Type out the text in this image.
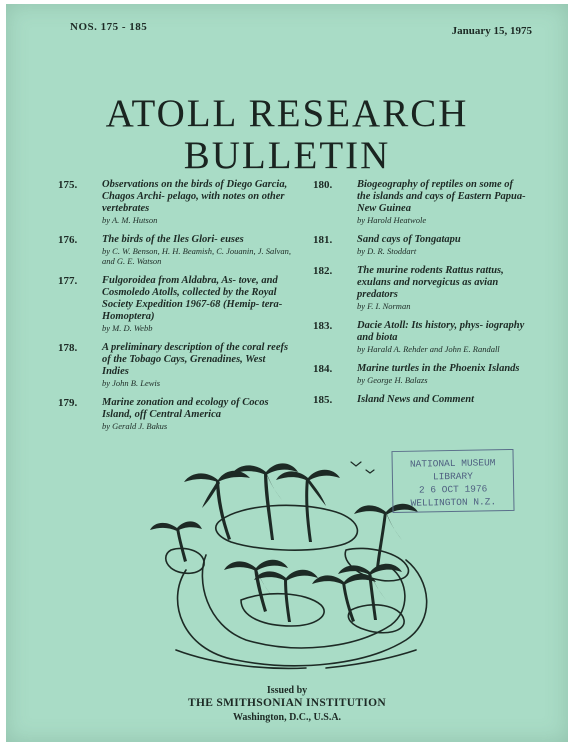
NOS. 175 - 185	January 15, 1975
ATOLL RESEARCH
BULLETIN
175. Observations on the birds of Diego Garcia, Chagos Archi- pelago, with notes on other vertebrates
by A. M. Hutson
176. The birds of the Iles Glori- euses
by C. W. Benson, H. H. Beamish, C. Jouanin, J. Salvan, and G. E. Watson
177. Fulgoroidea from Aldabra, As- tove, and Cosmoledo Atolls, collected by the Royal Society Expedition 1967-68 (Hemip- tera-Homoptera)
by M. D. Webb
178. A preliminary description of the coral reefs of the Tobago Cays, Grenadines, West Indies
by John B. Lewis
179. Marine zonation and ecology of Cocos Island, off Central America
by Gerald J. Bakus
180. Biogeography of reptiles on some of the islands and cays of Eastern Papua-New Guinea
by Harold Heatwole
181. Sand cays of Tongatapu
by D. R. Stoddart
182. The murine rodents Rattus rattus, exulans and norvegicus as avian predators
by F. I. Norman
183. Dacie Atoll: Its history, phys- iography and biota
by Harald A. Rehder and John E. Randall
184. Marine turtles in the Phoenix Islands
by George H. Balazs
185. Island News and Comment
NATIONAL MUSEUM
LIBRARY
2 6 OCT 1976
WELLINGTON N.Z.
Issued by
THE SMITHSONIAN INSTITUTION
Washington, D.C., U.S.A.
